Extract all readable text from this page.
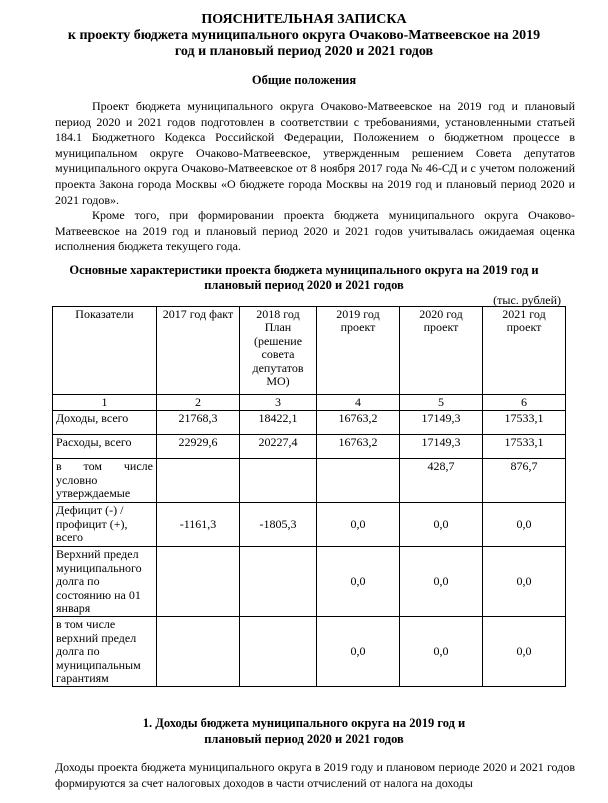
ПОЯСНИТЕЛЬНАЯ ЗАПИСКА
к проекту бюджета муниципального округа Очаково-Матвеевское на 2019
год и плановый период 2020 и 2021 годов
Общие положения
Проект бюджета муниципального округа Очаково-Матвеевское на 2019 год и плановый период 2020 и 2021 годов подготовлен в соответствии с требованиями, установленными статьей 184.1 Бюджетного Кодекса Российской Федерации, Положением о бюджетном процессе в муниципальном округе Очаково-Матвеевское, утвержденным решением Совета депутатов муниципального округа Очаково-Матвеевское от 8 ноября 2017 года № 46-СД и с учетом положений проекта Закона города Москвы «О бюджете города Москвы на 2019 год и плановый период 2020 и 2021 годов».
Кроме того, при формировании проекта бюджета муниципального округа Очаково-Матвеевское на 2019 год и плановый период 2020 и 2021 годов учитывалась ожидаемая оценка исполнения бюджета текущего года.
Основные характеристики проекта бюджета муниципального округа на 2019 год и
плановый период 2020 и 2021 годов
(тыс. рублей)
Показатели	2017 год факт	2018 год План (решение совета депутатов МО)	2019 год проект	2020 год проект	2021 год проект
1	2	3	4	5	6
Доходы, всего	21768,3	18422,1	16763,2	17149,3	17533,1
Расходы, всего	22929,6	20227,4	16763,2	17149,3	17533,1
в том числе условно утверждаемые				428,7	876,7
Дефицит (-) / профицит (+), всего	-1161,3	-1805,3	0,0	0,0	0,0
Верхний предел муниципального долга по состоянию на 01 января			0,0	0,0	0,0
в том числе верхний предел долга по муниципальным гарантиям			0,0	0,0	0,0
1. Доходы бюджета муниципального округа на 2019 год и
плановый период 2020 и 2021 годов
Доходы проекта бюджета муниципального округа в 2019 году и плановом периоде 2020 и 2021 годов формируются за счет налоговых доходов в части отчислений от налога на доходы
